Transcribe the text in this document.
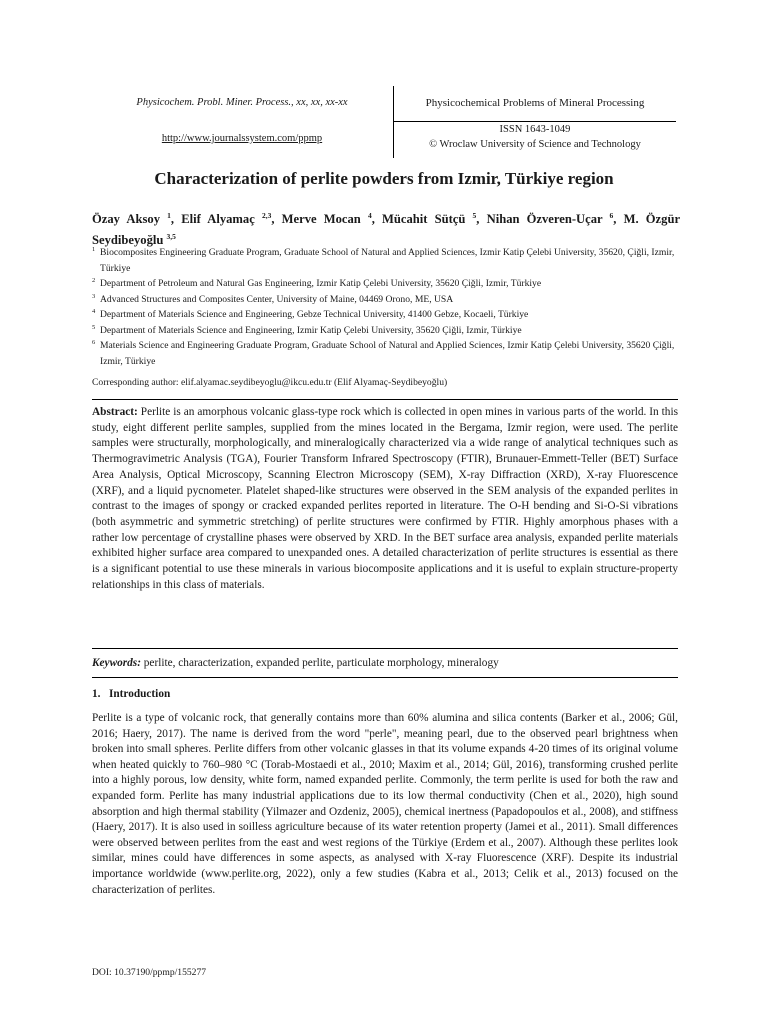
Physicochem. Probl. Miner. Process., xx, xx, xx-xx
http://www.journalssystem.com/ppmp
Physicochemical Problems of Mineral Processing
ISSN 1643-1049
© Wroclaw University of Science and Technology
Characterization of perlite powders from Izmir, Türkiye region
Özay Aksoy $^1$, Elif Alyamaç $^{2,3}$, Merve Mocan $^4$, Mücahit Sütçü $^5$, Nihan Özveren-Uçar $^6$, M. Özgür Seydibeyoğlu $^{3,5}$
1 Biocomposites Engineering Graduate Program, Graduate School of Natural and Applied Sciences, Izmir Katip Çelebi University, 35620, Çiğli, Izmir, Türkiye
2 Department of Petroleum and Natural Gas Engineering, Izmir Katip Çelebi University, 35620 Çiğli, Izmir, Türkiye
3 Advanced Structures and Composites Center, University of Maine, 04469 Orono, ME, USA
4 Department of Materials Science and Engineering, Gebze Technical University, 41400 Gebze, Kocaeli, Türkiye
5 Department of Materials Science and Engineering, Izmir Katip Çelebi University, 35620 Çiğli, Izmir, Türkiye
6 Materials Science and Engineering Graduate Program, Graduate School of Natural and Applied Sciences, Izmir Katip Çelebi University, 35620 Çiğli, Izmir, Türkiye
Corresponding author: elif.alyamac.seydibeyoglu@ikcu.edu.tr (Elif Alyamaç-Seydibeyoğlu)
Abstract: Perlite is an amorphous volcanic glass-type rock which is collected in open mines in various parts of the world. In this study, eight different perlite samples, supplied from the mines located in the Bergama, Izmir region, were used. The perlite samples were structurally, morphologically, and mineralogically characterized via a wide range of analytical techniques such as Thermogravimetric Analysis (TGA), Fourier Transform Infrared Spectroscopy (FTIR), Brunauer-Emmett-Teller (BET) Surface Area Analysis, Optical Microscopy, Scanning Electron Microscopy (SEM), X-ray Diffraction (XRD), X-ray Fluorescence (XRF), and a liquid pycnometer. Platelet shaped-like structures were observed in the SEM analysis of the expanded perlites in contrast to the images of spongy or cracked expanded perlites reported in literature. The O-H bending and Si-O-Si vibrations (both asymmetric and symmetric stretching) of perlite structures were confirmed by FTIR. Highly amorphous phases with a rather low percentage of crystalline phases were observed by XRD. In the BET surface area analysis, expanded perlite materials exhibited higher surface area compared to unexpanded ones. A detailed characterization of perlite structures is essential as there is a significant potential to use these minerals in various biocomposite applications and it is useful to explain structure-property relationships in this class of materials.
Keywords: perlite, characterization, expanded perlite, particulate morphology, mineralogy
1.   Introduction
Perlite is a type of volcanic rock, that generally contains more than 60% alumina and silica contents (Barker et al., 2006; Gül, 2016; Haery, 2017). The name is derived from the word "perle", meaning pearl, due to the observed pearl brightness when broken into small spheres. Perlite differs from other volcanic glasses in that its volume expands 4-20 times of its original volume when heated quickly to 760–980 °C (Torab-Mostaedi et al., 2010; Maxim et al., 2014; Gül, 2016), transforming crushed perlite into a highly porous, low density, white form, named expanded perlite. Commonly, the term perlite is used for both the raw and expanded form. Perlite has many industrial applications due to its low thermal conductivity (Chen et al., 2020), high sound absorption and high thermal stability (Yilmazer and Ozdeniz, 2005), chemical inertness (Papadopoulos et al., 2008), and stiffness (Haery, 2017). It is also used in soilless agriculture because of its water retention property (Jamei et al., 2011). Small differences were observed between perlites from the east and west regions of the Türkiye (Erdem et al., 2007). Although these perlites look similar, mines could have differences in some aspects, as analysed with X-ray Fluorescence (XRF). Despite its industrial importance worldwide (www.perlite.org, 2022), only a few studies (Kabra et al., 2013; Celik et al., 2013) focused on the characterization of perlites.
DOI: 10.37190/ppmp/155277
